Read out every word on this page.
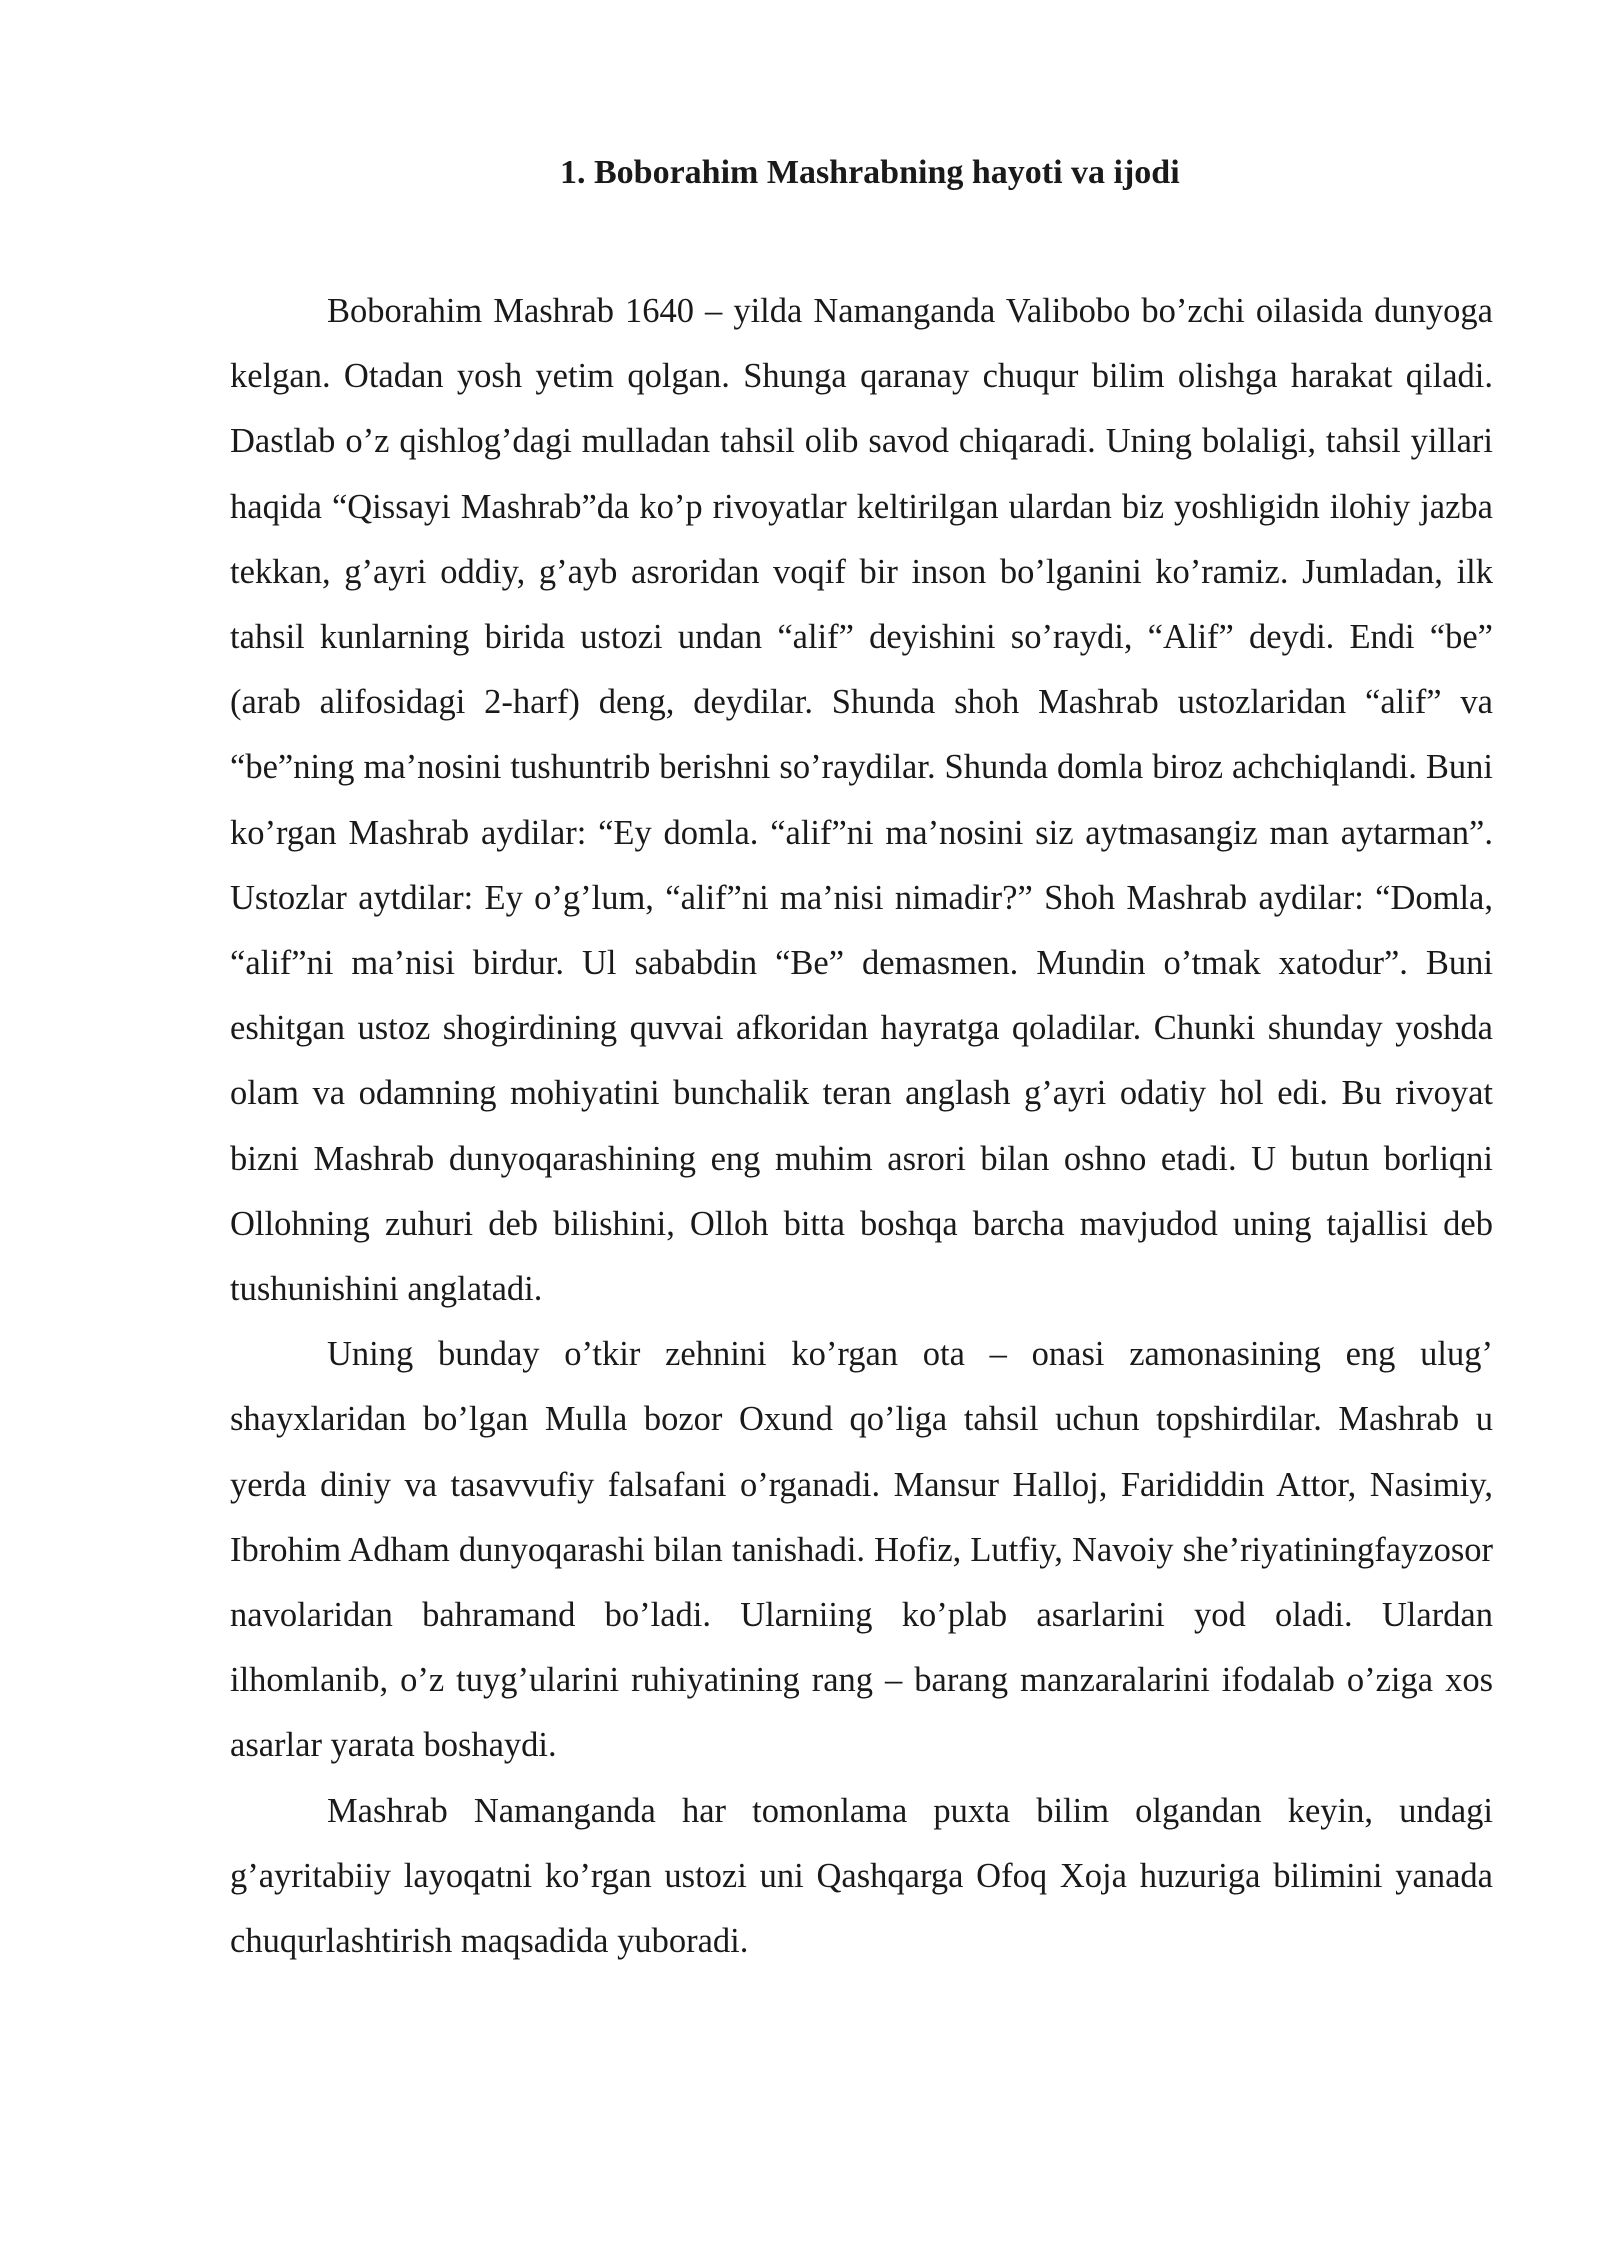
1. Boborahim Mashrabning hayoti va ijodi

Boborahim Mashrab 1640 – yilda Namanganda Valibobo bo’zchi oilasida dunyoga kelgan. Otadan yosh yetim qolgan. Shunga qaranay chuqur bilim olishga harakat qiladi. Dastlab o’z qishlog’dagi mulladan tahsil olib savod chiqaradi. Uning bolaligi, tahsil yillari haqida “Qissayi Mashrab”da ko’p rivoyatlar keltirilgan ulardan biz yoshligidn ilohiy jazba tekkan, g’ayri oddiy, g’ayb asroridan voqif bir inson bo’lganini ko’ramiz. Jumladan, ilk tahsil kunlarning birida ustozi undan “alif” deyishini so’raydi, “Alif” deydi. Endi “be” (arab alifosidagi 2-harf) deng, deydilar. Shunda shoh Mashrab ustozlaridan “alif” va “be”ning ma’nosini tushuntrib berishni so’raydilar. Shunda domla biroz achchiqlandi. Buni ko’rgan Mashrab aydilar: “Ey domla. “alif”ni ma’nosini siz aytmasangiz man aytarman”. Ustozlar aytdilar: Ey o’g’lum, “alif”ni ma’nisi nimadir?” Shoh Mashrab aydilar: “Domla, “alif”ni ma’nisi birdur. Ul sababdin “Be” demasmen. Mundin o’tmak xatodur”. Buni eshitgan ustoz shogirdining quvvai afkoridan hayratga qoladilar. Chunki shunday yoshda olam va odamning mohiyatini bunchalik teran anglash g’ayri odatiy hol edi. Bu rivoyat bizni Mashrab dunyoqarashining eng muhim asrori bilan oshno etadi. U butun borliqni Ollohning zuhuri deb bilishini, Olloh bitta boshqa barcha mavjudod uning tajallisi deb tushunishini anglatadi.

Uning bunday o’tkir zehnini ko’rgan ota – onasi zamonasining eng ulug’ shayxlaridan bo’lgan Mulla bozor Oxund qo’liga tahsil uchun topshirdilar. Mashrab u yerda diniy va tasavvufiy falsafani o’rganadi. Mansur Halloj, Farididdin Attor, Nasimiy, Ibrohim Adham dunyoqarashi bilan tanishadi. Hofiz, Lutfiy, Navoiy she’riyatiningfayzosor navolaridan bahramand bo’ladi. Ularniing ko’plab asarlarini yod oladi. Ulardan ilhomlanib, o’z tuyg’ularini ruhiyatining rang – barang manzaralarini ifodalab o’ziga xos asarlar yarata boshaydi.

Mashrab Namanganda har tomonlama puxta bilim olgandan keyin, undagi g’ayritabiiy layoqatni ko’rgan ustozi uni Qashqarga Ofoq Xoja huzuriga bilimini yanada chuqurlashtirish maqsadida yuboradi.
